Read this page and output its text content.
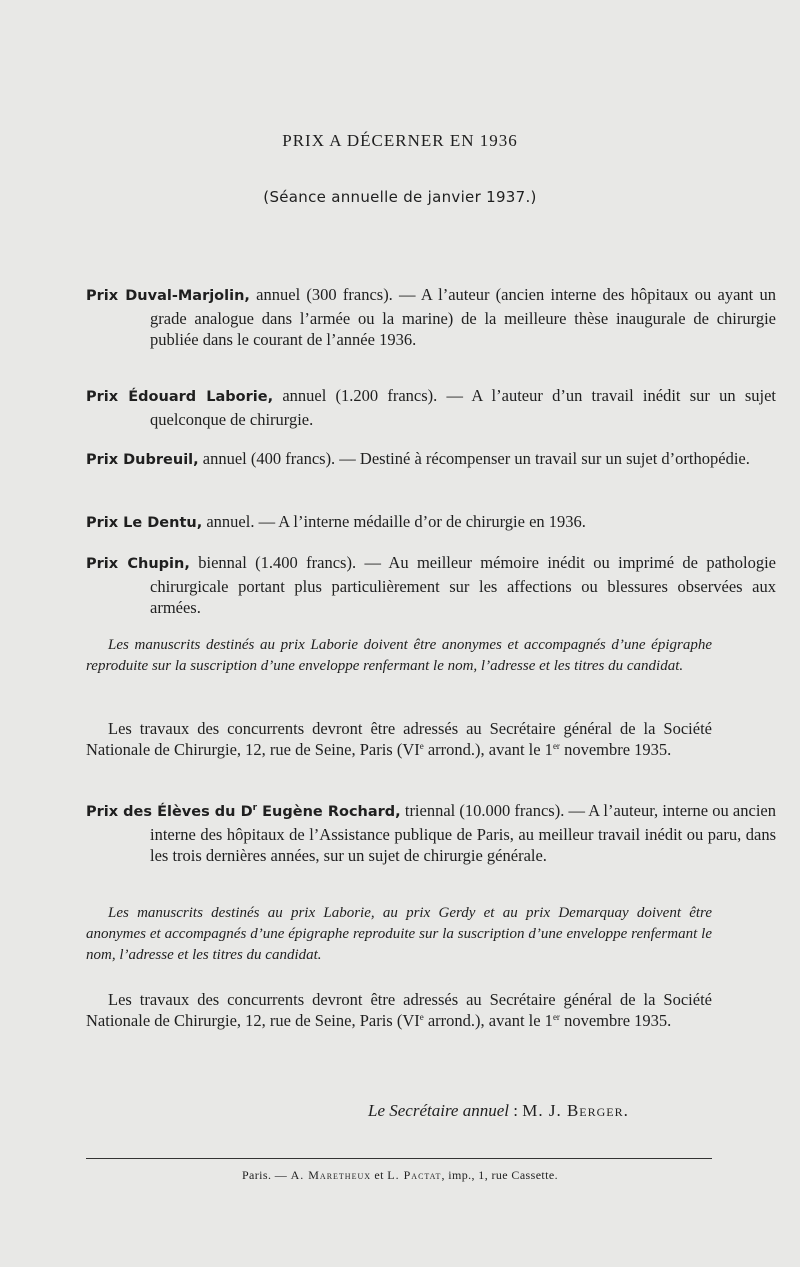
PRIX A DÉCERNER EN 1936
(Séance annuelle de janvier 1937.)
Prix Duval-Marjolin, annuel (300 francs). — A l’auteur (ancien interne des hôpitaux ou ayant un grade analogue dans l’armée ou la marine) de la meilleure thèse inaugurale de chirurgie publiée dans le courant de l’année 1936.
Prix Édouard Laborie, annuel (1.200 francs). — A l’auteur d’un travail inédit sur un sujet quelconque de chirurgie.
Prix Dubreuil, annuel (400 francs). — Destiné à récompenser un travail sur un sujet d’orthopédie.
Prix Le Dentu, annuel. — A l’interne médaille d’or de chirurgie en 1936.
Prix Chupin, biennal (1.400 francs). — Au meilleur mémoire inédit ou imprimé de pathologie chirurgicale portant plus particulièrement sur les affections ou blessures observées aux armées.
Les manuscrits destinés au prix Laborie doivent être anonymes et accompagnés d’une épigraphe reproduite sur la suscription d’une enveloppe renfermant le nom, l’adresse et les titres du candidat.
Les travaux des concurrents devront être adressés au Secrétaire général de la Société Nationale de Chirurgie, 12, rue de Seine, Paris (VIe arrond.), avant le 1er novembre 1935.
Prix des Élèves du $D^r$ Eugène Rochard, triennal (10.000 francs). — A l’auteur, interne ou ancien interne des hôpitaux de l’Assistance publique de Paris, au meilleur travail inédit ou paru, dans les trois dernières années, sur un sujet de chirurgie générale.
Les manuscrits destinés au prix Laborie, au prix Gerdy et au prix Demarquay doivent être anonymes et accompagnés d’une épigraphe reproduite sur la suscription d’une enveloppe renfermant le nom, l’adresse et les titres du candidat.
Les travaux des concurrents devront être adressés au Secrétaire général de la Société Nationale de Chirurgie, 12, rue de Seine, Paris (VIe arrond.), avant le 1er novembre 1935.
Le Secrétaire annuel : M. J. Berger.
Paris. — A. Maretheux et L. Pactat, imp., 1, rue Cassette.
